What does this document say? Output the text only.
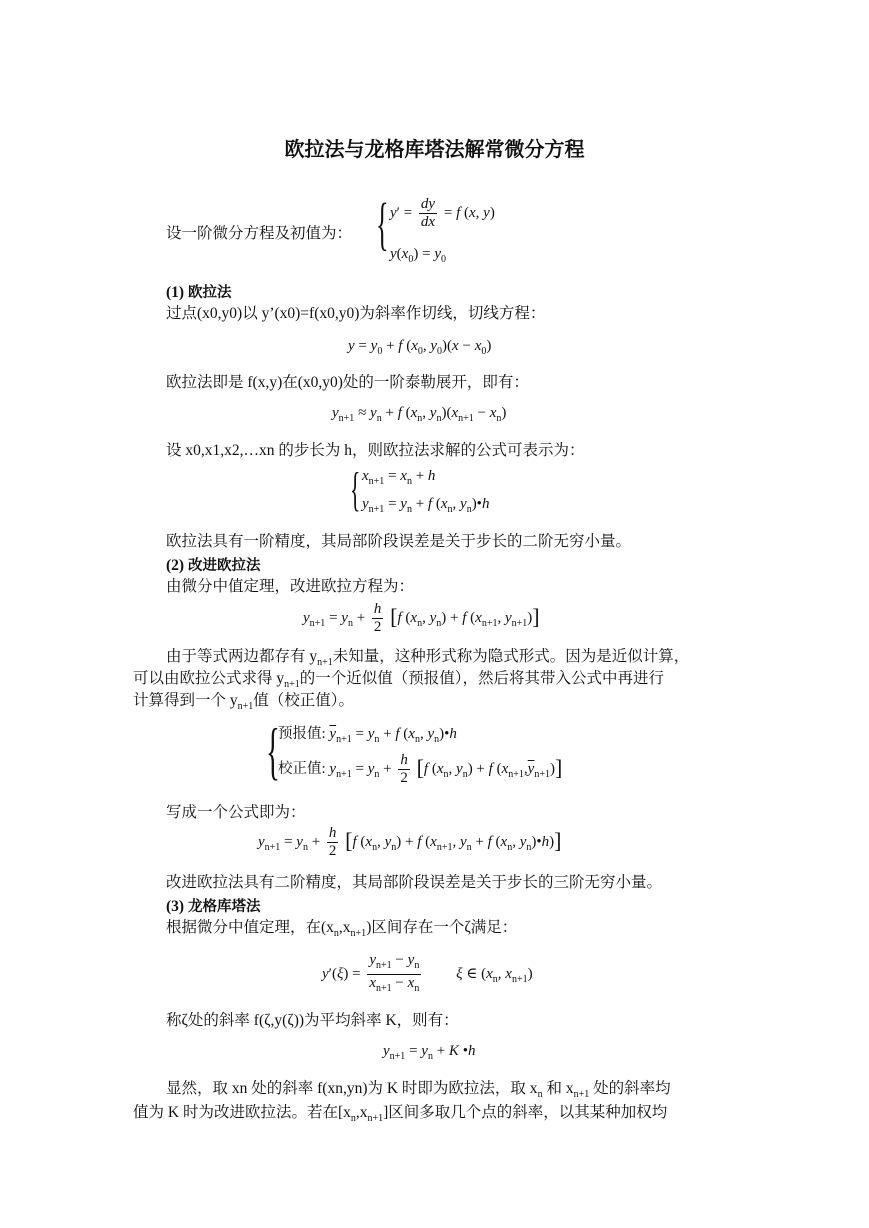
欧拉法与龙格库塔法解常微分方程
设一阶微分方程及初值为： { $y' = \frac{dy}{dx} = f$ (x, y)
$y(x_0) = y_0$
(1) 欧拉法
过点(x0,y0)以 y’(x0)=f(x0,y0)为斜率作切线，切线方程：
$y = y_0 + f$ ($x_0$, $y_0)(x - x_0)$
欧拉法即是 f(x,y)在(x0,y0)处的一阶泰勒展开，即有：
$y_{n+1} \approx y_n + f$ ($x_n$, $y_n)(x_{n+1} - x_n)$
设 x0,x1,x2,…xn 的步长为 h，则欧拉法求解的公式可表示为：
{ $x_{n+1} = x_n + h$
$y_{n+1} = y_n + f$ ($x_n$, $y_n)•h$
欧拉法具有一阶精度，其局部阶段误差是关于步长的二阶无穷小量。
(2) 改进欧拉法
由微分中值定理，改进欧拉方程为：
$y_{n+1} = y_n + \frac{h}{2} [f$ ($x_n$, $y_n) + f$ ($x_{n+1}$, $y_{n+1}$)]
由于等式两边都存有 $y_{n+1}$未知量，这种形式称为隐式形式。因为是近似计算，
可以由欧拉公式求得 $y_{n+1}$的一个近似值（预报值），然后将其带入公式中再进行
计算得到一个 $y_{n+1}$值（校正值）。
{
预报值: $\overline{y}_{n+1} = y_n + f$ ($x_n$, $y_n)•h$
校正值: $y_{n+1} = y_n + \frac{h}{2} [f$ ($x_n$, $y_n) + f$ $(x_{n+1},\overline{y}_{n+1})$]
写成一个公式即为：
$y_{n+1} = y_n + \frac{h}{2} [f$ ($x_n$, $y_n) + f$ ($x_{n+1}$, $y_n + f$ ($x_n$, $y_n)•h$)]
改进欧拉法具有二阶精度，其局部阶段误差是关于步长的三阶无穷小量。
(3) 龙格库塔法
根据微分中值定理，在$(x_n,x_{n+1})$区间存在一个ζ满足：
$y'(\xi) = \frac{y_{n+1} - y_n}{x_{n+1} - x_n}$ ξ ∈ ($x_n$, $x_{n+1}$)
称ζ处的斜率 f(ζ,y(ζ))为平均斜率 K，则有：
$y_{n+1} = y_n + K$ •h
显然，取 xn 处的斜率 f(xn,yn)为 K 时即为欧拉法，取 $x_n$ 和 $x_{n+1}$ 处的斜率均
值为 K 时为改进欧拉法。若在$[x_n,x_{n+1}]$区间多取几个点的斜率，以其某种加权均
